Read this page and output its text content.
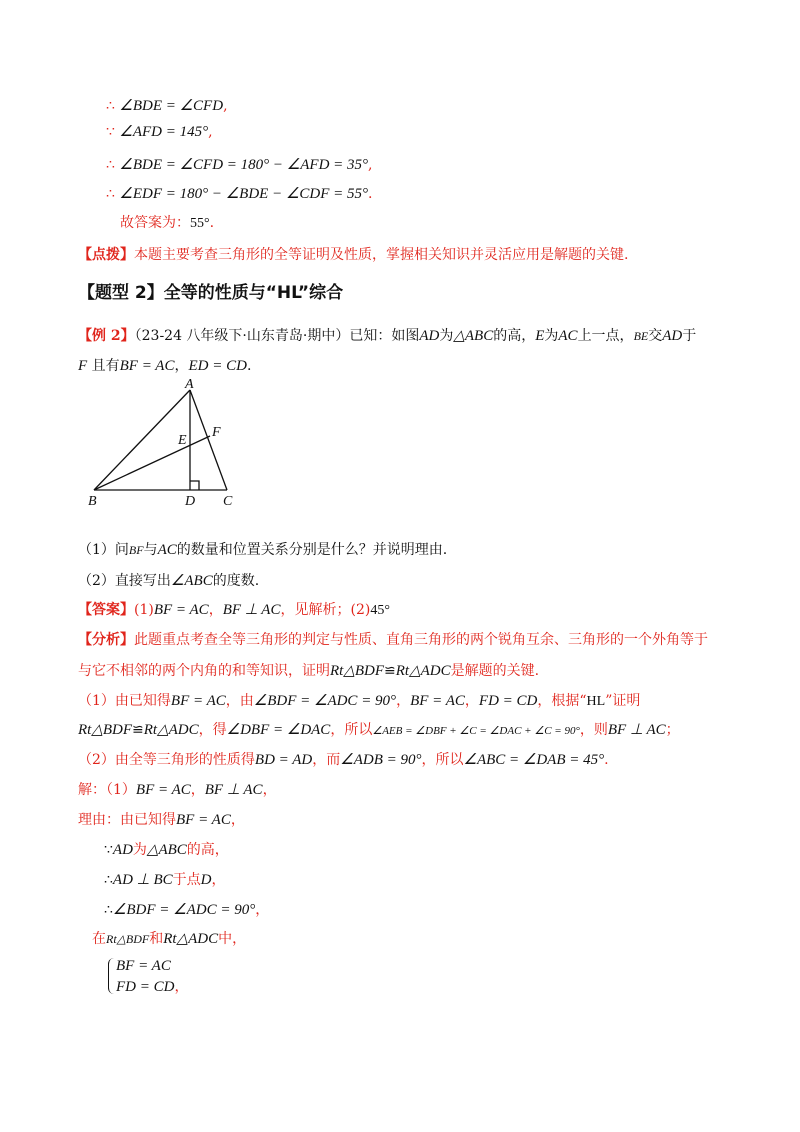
∴ ∠BDE = ∠CFD,
∵ ∠AFD = 145°,
∴ ∠BDE = ∠CFD = 180° − ∠AFD = 35°,
∴ ∠EDF = 180° − ∠BDE − ∠CDF = 55°.
故答案为：55°.
【点拨】本题主要考查三角形的全等证明及性质，掌握相关知识并灵活应用是解题的关键.
【题型 2】全等的性质与“HL”综合
【例 2】（23-24 八年级下·山东青岛·期中）已知：如图AD为△ABC的高，E为AC上一点，BE交AD于
F 且有BF = AC，ED = CD.
A
B	C
D
E
F
（1）问BF与AC的数量和位置关系分别是什么？并说明理由.
（2）直接写出∠ABC的度数.
【答案】(1)BF = AC，BF ⊥ AC，见解析；(2)45°
【分析】此题重点考查全等三角形的判定与性质、直角三角形的两个锐角互余、三角形的一个外角等于
与它不相邻的两个内角的和等知识，证明Rt△BDF≌Rt△ADC是解题的关键.
（1）由已知得BF = AC，由∠BDF = ∠ADC = 90°，BF = AC，FD = CD，根据“HL”证明
Rt△BDF≌Rt△ADC，得∠DBF = ∠DAC，所以∠AEB = ∠DBF + ∠C = ∠DAC + ∠C = 90°，则BF ⊥ AC；
（2）由全等三角形的性质得BD = AD，而∠ADB = 90°，所以∠ABC = ∠DAB = 45°.
解：（1）BF = AC，BF ⊥ AC，
理由：由已知得BF = AC，
∵AD为△ABC的高，
∴AD ⊥ BC于点D，
∴∠BDF = ∠ADC = 90°，
在Rt△BDF和Rt△ADC中，
BF = AC
FD = CD，
